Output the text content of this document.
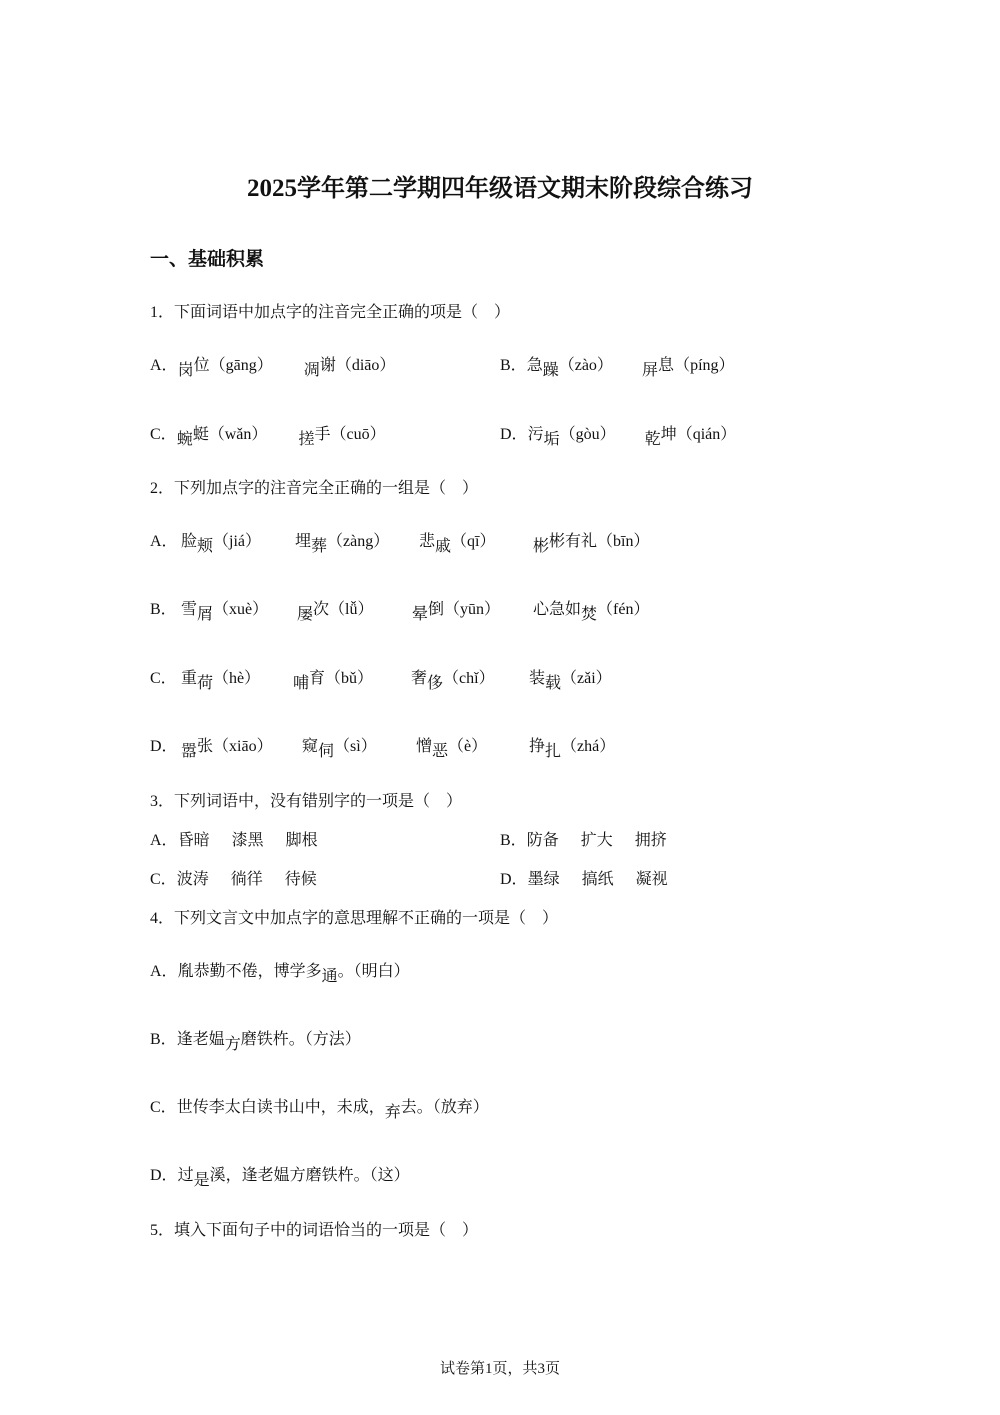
2025学年第二学期四年级语文期末阶段综合练习
一、基础积累
1．下面词语中加点字的注音完全正确的项是（　）
A．岗位（gāng） 凋谢（diāo）	B．急躁（zào） 屏息（píng）
C．蜿蜓（wǎn） 搓手（cuō）	D．污垢（gòu） 乾坤（qián）
2．下列加点字的注音完全正确的一组是（　）
A． 脸颊（jiá） 埋葬（zàng） 悲戚（qī） 彬彬有礼（bīn）
B． 雪屑（xuè） 屡次（lǚ） 晕倒（yūn） 心急如焚（fén）
C． 重荷（hè） 哺育（bǔ） 奢侈（chǐ） 装载（zǎi）
D． 嚣张（xiāo） 窥伺（sì） 憎恶（è）	挣扎（zhá）
3．下列词语中，没有错别字的一项是（　）
A．昏暗 漆黑 脚根	B．防备 扩大 拥挤
C．波涛 徜徉 待候	D．墨绿 搞纸 凝视
4．下列文言文中加点字的意思理解不正确的一项是（　）
A．胤恭勤不倦，博学多通。（明白）
B．逢老媪方磨铁杵。（方法）
C．世传李太白读书山中，未成，弃去。（放弃）
D．过是溪，逢老媪方磨铁杵。（这）
5．填入下面句子中的词语恰当的一项是（　）
试卷第1页，共3页
